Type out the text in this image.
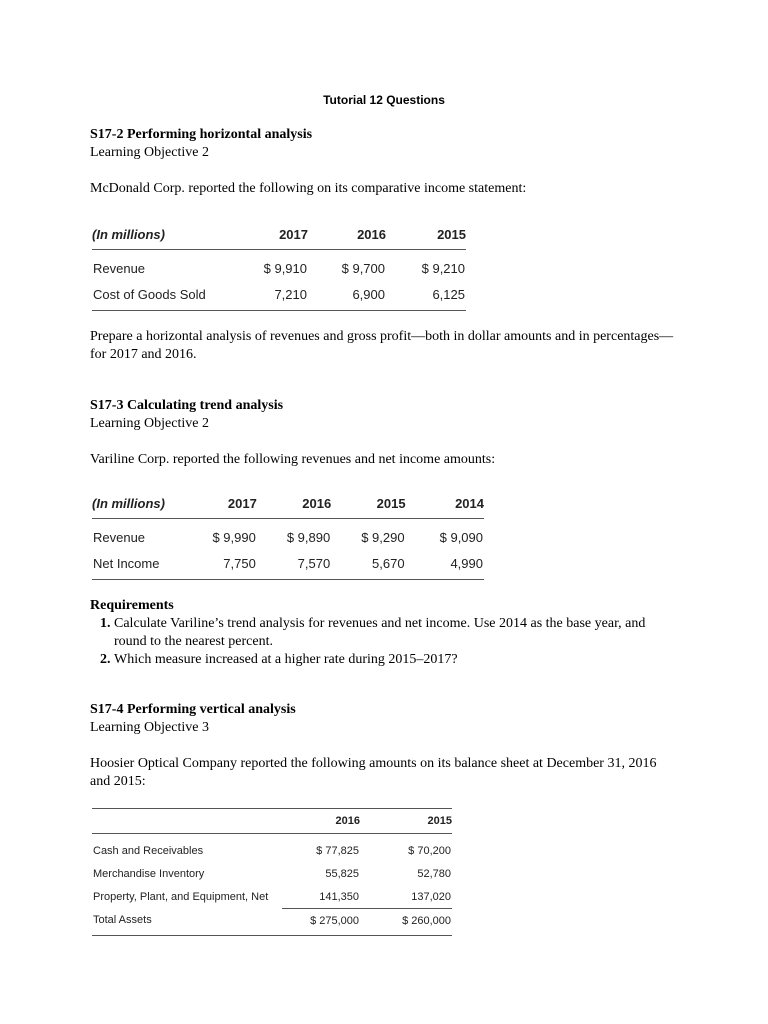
Tutorial 12 Questions

S17-2 Performing horizontal analysis

Learning Objective 2

McDonald Corp. reported the following on its comparative income statement:

(In millions)	2017	2016	2015
Revenue	$ 9,910	$ 9,700	$ 9,210
Cost of Goods Sold	7,210	6,900	6,125
Prepare a horizontal analysis of revenues and gross profit—both in dollar amounts and in percentages—for 2017 and 2016.

S17-3 Calculating trend analysis

Learning Objective 2

Variline Corp. reported the following revenues and net income amounts:

(In millions)	2017	2016	2015	2014
Revenue	$ 9,990	$ 9,890	$ 9,290	$ 9,090
Net Income	7,750	7,570	5,670	4,990

Requirements

1. Calculate Variline’s trend analysis for revenues and net income. Use 2014 as the base year, and round to the nearest percent.
2. Which measure increased at a higher rate during 2015–2017?

S17-4 Performing vertical analysis

Learning Objective 3

Hoosier Optical Company reported the following amounts on its balance sheet at December 31, 2016 and 2015:

	2016	2015
Cash and Receivables	$ 77,825	$ 70,200
Merchandise Inventory	55,825	52,780
Property, Plant, and Equipment, Net	141,350	137,020
Total Assets	$ 275,000	$ 260,000
